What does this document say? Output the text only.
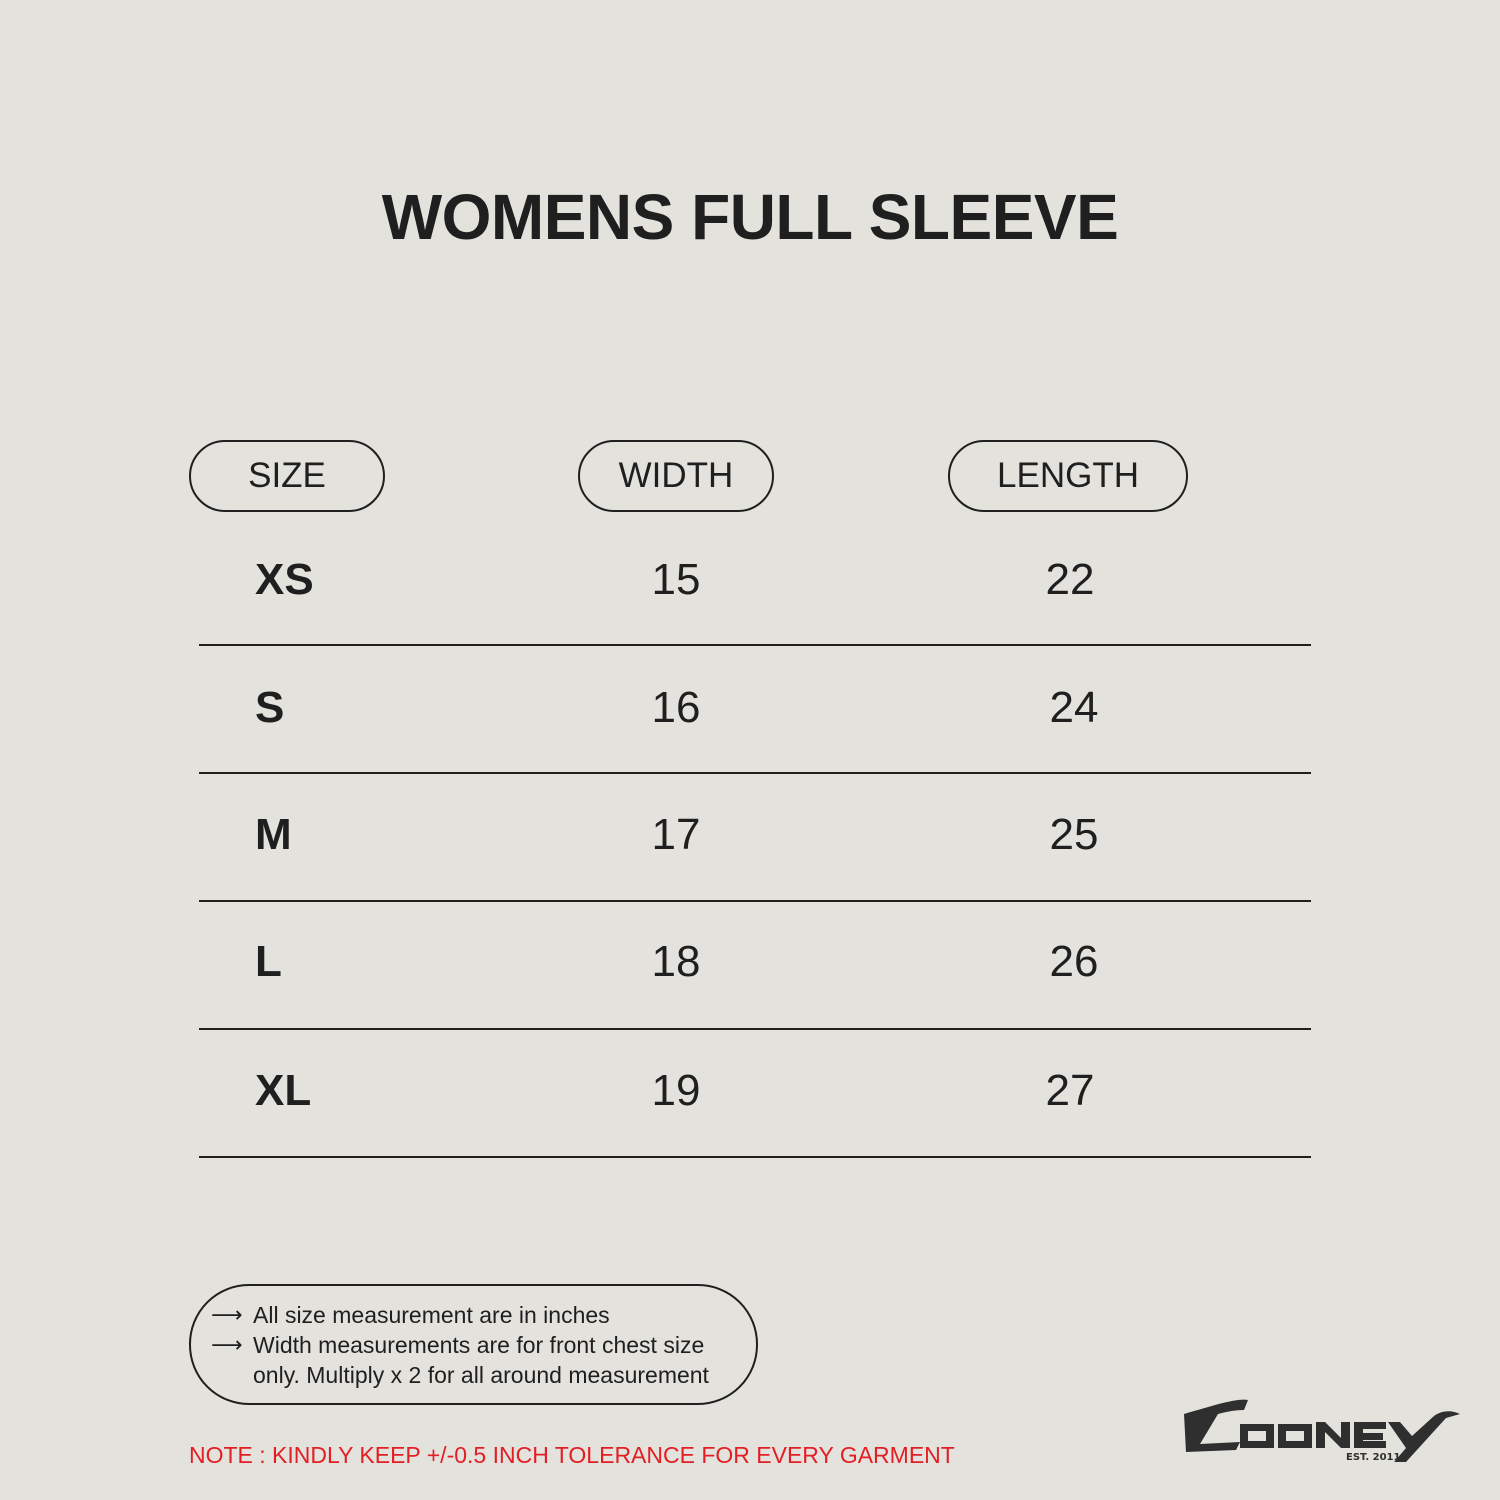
WOMENS FULL SLEEVE
SIZE	WIDTH	LENGTH
XS	15	22
S	16	24
M	17	25
L	18	26
XL	19	27
⟶ All size measurement are in inches
⟶ Width measurements are for front chest size
only. Multiply x 2 for all around measurement

NOTE : KINDLY KEEP +/-0.5 INCH TOLERANCE FOR EVERY GARMENT	EST. 2011
